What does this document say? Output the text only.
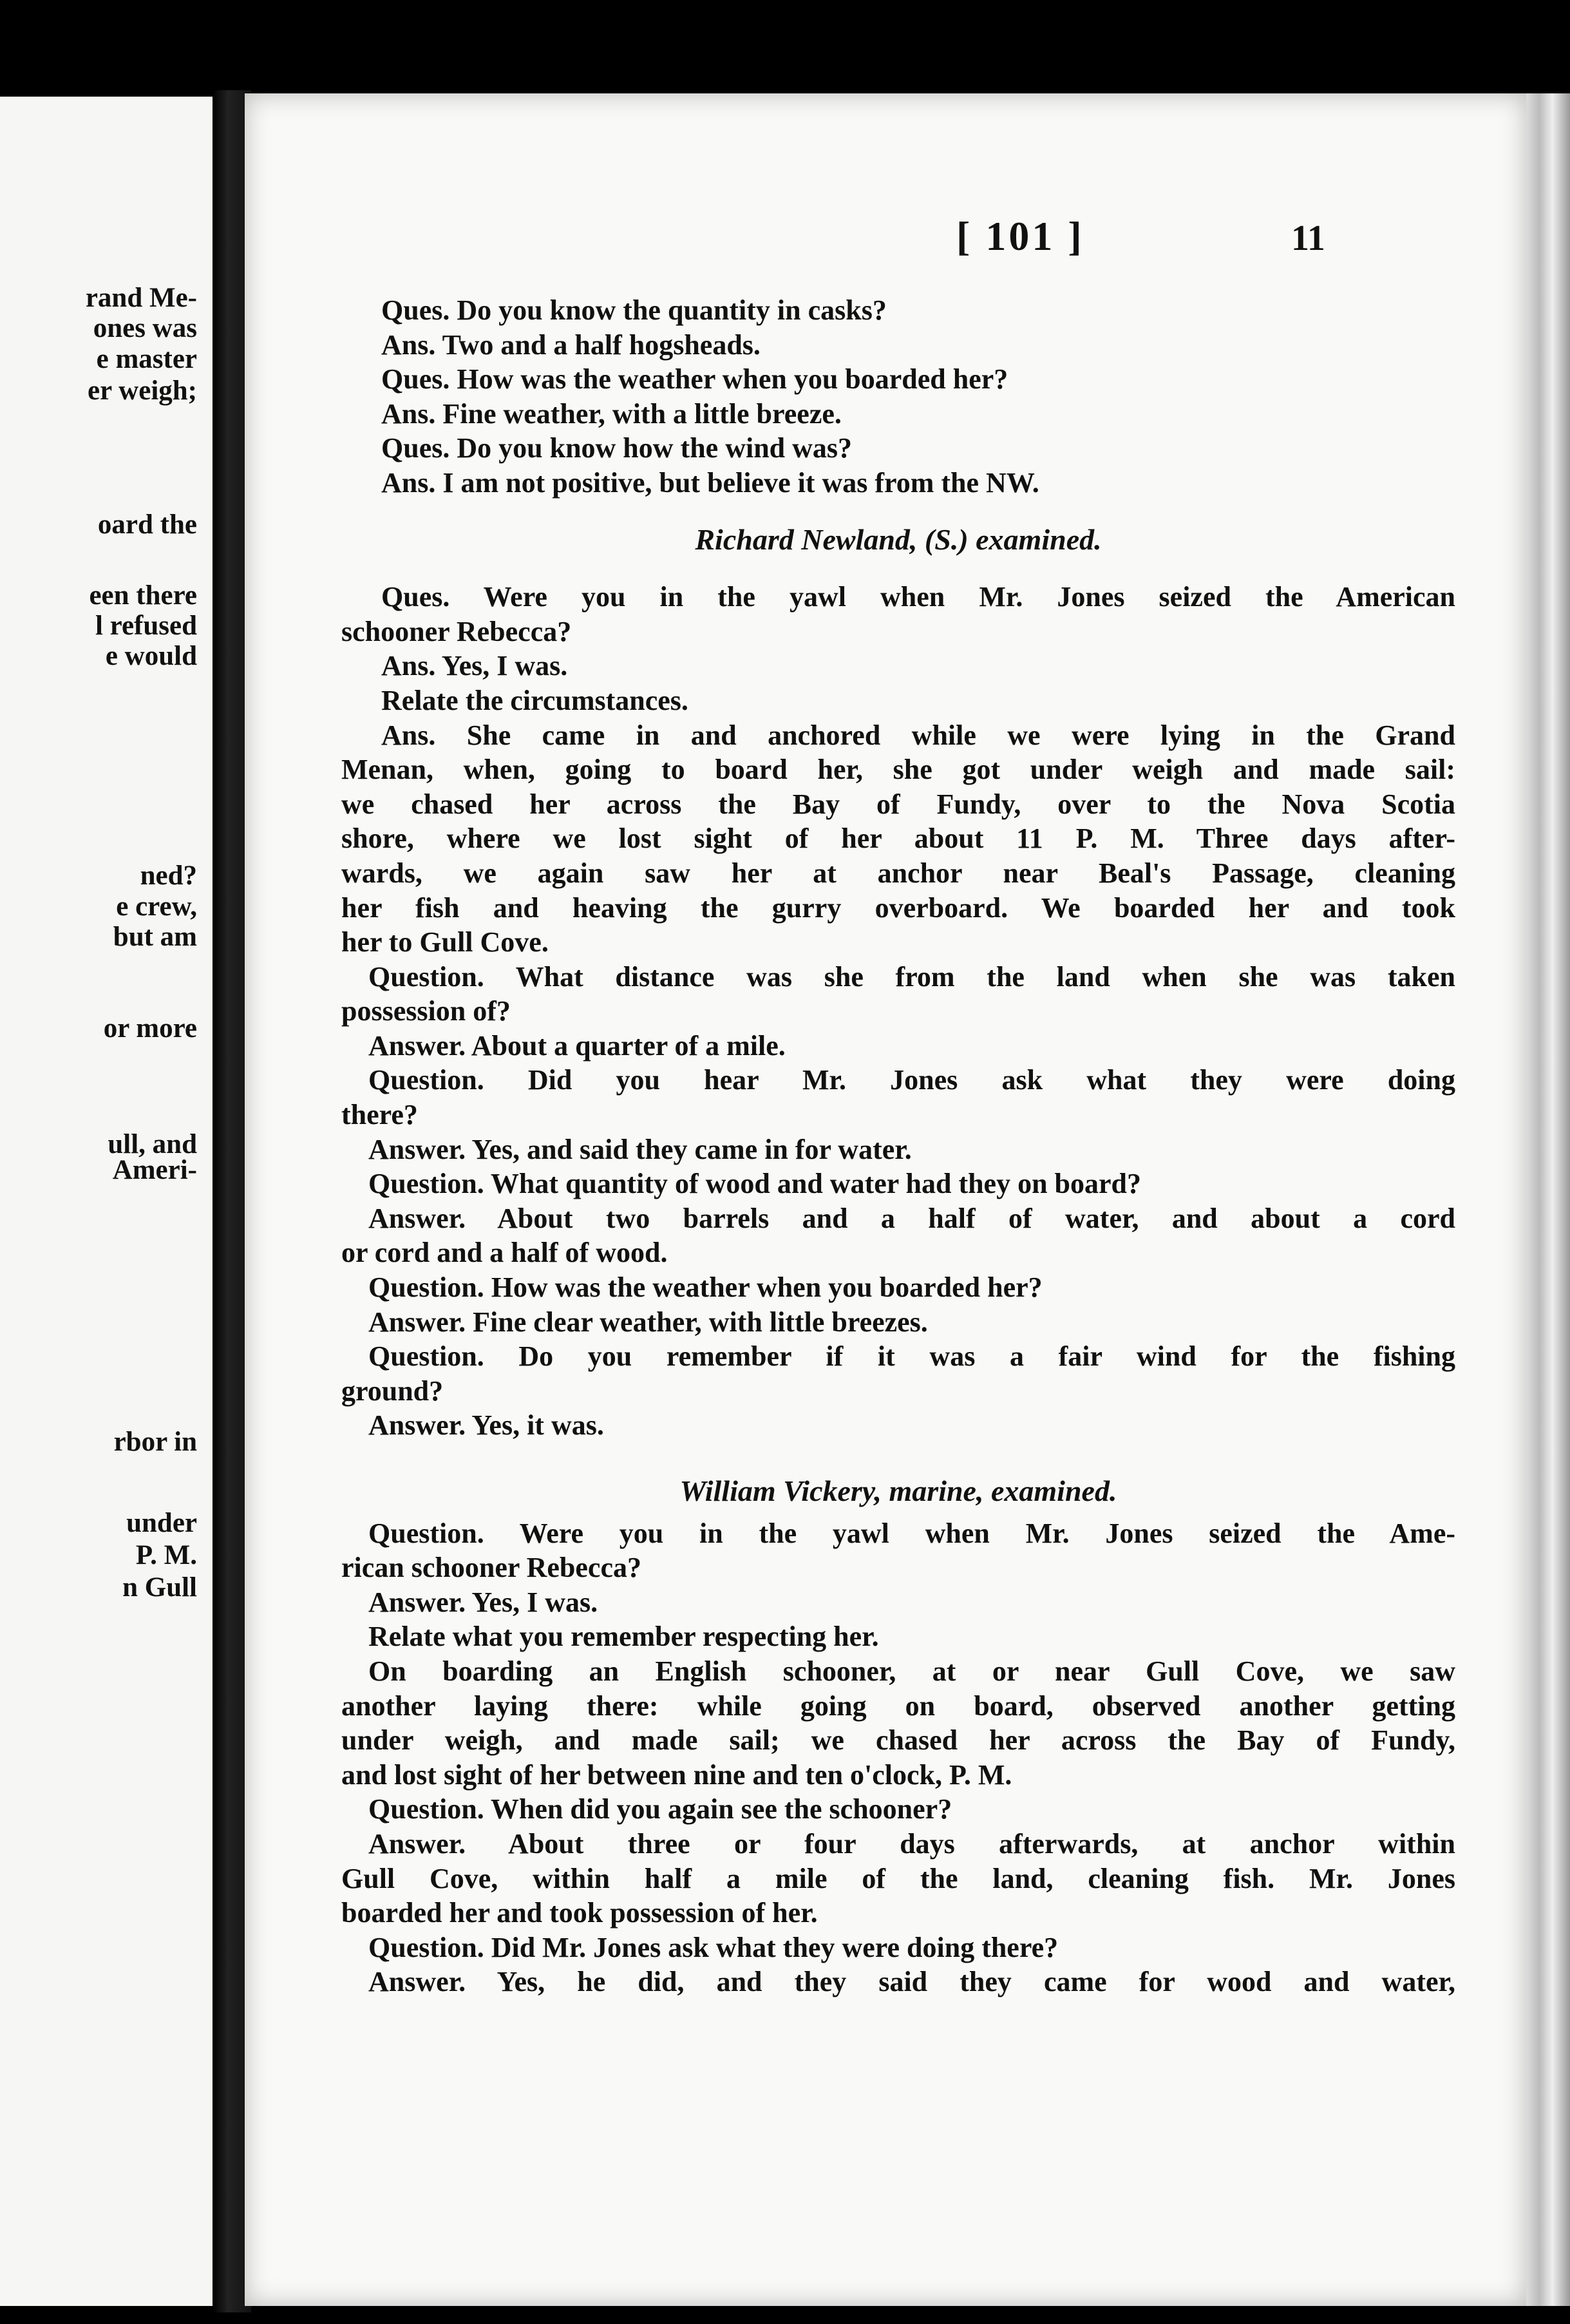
rand Me-
ones was
e master
er weigh;
oard the
een there
l refused
e would
ned?
e crew,
but am
or more
ull, and
Ameri-
rbor in
under
P. M.
n Gull
[ 101 ]	11
Ques. Do you know the quantity in casks?
Ans. Two and a half hogsheads.
Ques. How was the weather when you boarded her?
Ans. Fine weather, with a little breeze.
Ques. Do you know how the wind was?
Ans. I am not positive, but believe it was from the NW.
Richard Newland, (S.) examined.
Ques. Were you in the yawl when Mr. Jones seized the American
schooner Rebecca?
Ans. Yes, I was.
Relate the circumstances.
Ans. She came in and anchored while we were lying in the Grand
Menan, when, going to board her, she got under weigh and made sail:
we chased her across the Bay of Fundy, over to the Nova Scotia
shore, where we lost sight of her about 11 P. M. Three days after-
wards, we again saw her at anchor near Beal's Passage, cleaning
her fish and heaving the gurry overboard. We boarded her and took
her to Gull Cove.
Question. What distance was she from the land when she was taken
possession of?
Answer. About a quarter of a mile.
Question. Did you hear Mr. Jones ask what they were doing
there?
Answer. Yes, and said they came in for water.
Question. What quantity of wood and water had they on board?
Answer. About two barrels and a half of water, and about a cord
or cord and a half of wood.
Question. How was the weather when you boarded her?
Answer. Fine clear weather, with little breezes.
Question. Do you remember if it was a fair wind for the fishing
ground?
Answer. Yes, it was.
William Vickery, marine, examined.
Question. Were you in the yawl when Mr. Jones seized the Ame-
rican schooner Rebecca?
Answer. Yes, I was.
Relate what you remember respecting her.
On boarding an English schooner, at or near Gull Cove, we saw
another laying there: while going on board, observed another getting
under weigh, and made sail; we chased her across the Bay of Fundy,
and lost sight of her between nine and ten o'clock, P. M.
Question. When did you again see the schooner?
Answer. About three or four days afterwards, at anchor within
Gull Cove, within half a mile of the land, cleaning fish. Mr. Jones
boarded her and took possession of her.
Question. Did Mr. Jones ask what they were doing there?
Answer. Yes, he did, and they said they came for wood and water,
